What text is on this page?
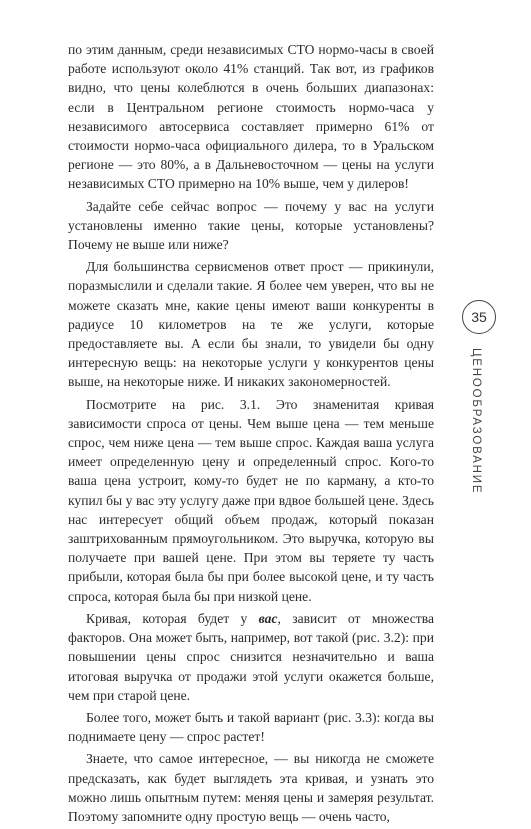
по этим данным, среди независимых СТО нормо-часы в своей работе используют около 41% станций. Так вот, из графиков видно, что цены колеблются в очень больших диапазонах: если в Центральном регионе стоимость нормо-часа у независимого автосервиса составляет примерно 61% от стоимости нормо-часа официального дилера, то в Уральском регионе — это 80%, а в Дальневосточном — цены на услуги независимых СТО примерно на 10% выше, чем у дилеров!

Задайте себе сейчас вопрос — почему у вас на услуги установлены именно такие цены, которые установлены? Почему не выше или ниже?

Для большинства сервисменов ответ прост — прикинули, поразмыслили и сделали такие. Я более чем уверен, что вы не можете сказать мне, какие цены имеют ваши конкуренты в радиусе 10 километров на те же услуги, которые предоставляете вы. А если бы знали, то увидели бы одну интересную вещь: на некоторые услуги у конкурентов цены выше, на некоторые ниже. И никаких закономерностей.

Посмотрите на рис. 3.1. Это знаменитая кривая зависимости спроса от цены. Чем выше цена — тем меньше спрос, чем ниже цена — тем выше спрос. Каждая ваша услуга имеет определенную цену и определенный спрос. Кого-то ваша цена устроит, кому-то будет не по карману, а кто-то купил бы у вас эту услугу даже при вдвое большей цене. Здесь нас интересует общий объем продаж, который показан заштрихованным прямоугольником. Это выручка, которую вы получаете при вашей цене. При этом вы теряете ту часть прибыли, которая была бы при более высокой цене, и ту часть спроса, которая была бы при низкой цене.

Кривая, которая будет у вас, зависит от множества факторов. Она может быть, например, вот такой (рис. 3.2): при повышении цены спрос снизится незначительно и ваша итоговая выручка от продажи этой услуги окажется больше, чем при старой цене.

Более того, может быть и такой вариант (рис. 3.3): когда вы поднимаете цену — спрос растет!

Знаете, что самое интересное, — вы никогда не сможете предсказать, как будет выглядеть эта кривая, и узнать это можно лишь опытным путем: меняя цены и замеряя результат. Поэтому запомните одну простую вещь — очень часто,

35
ЦЕНООБРАЗОВАНИЕ
